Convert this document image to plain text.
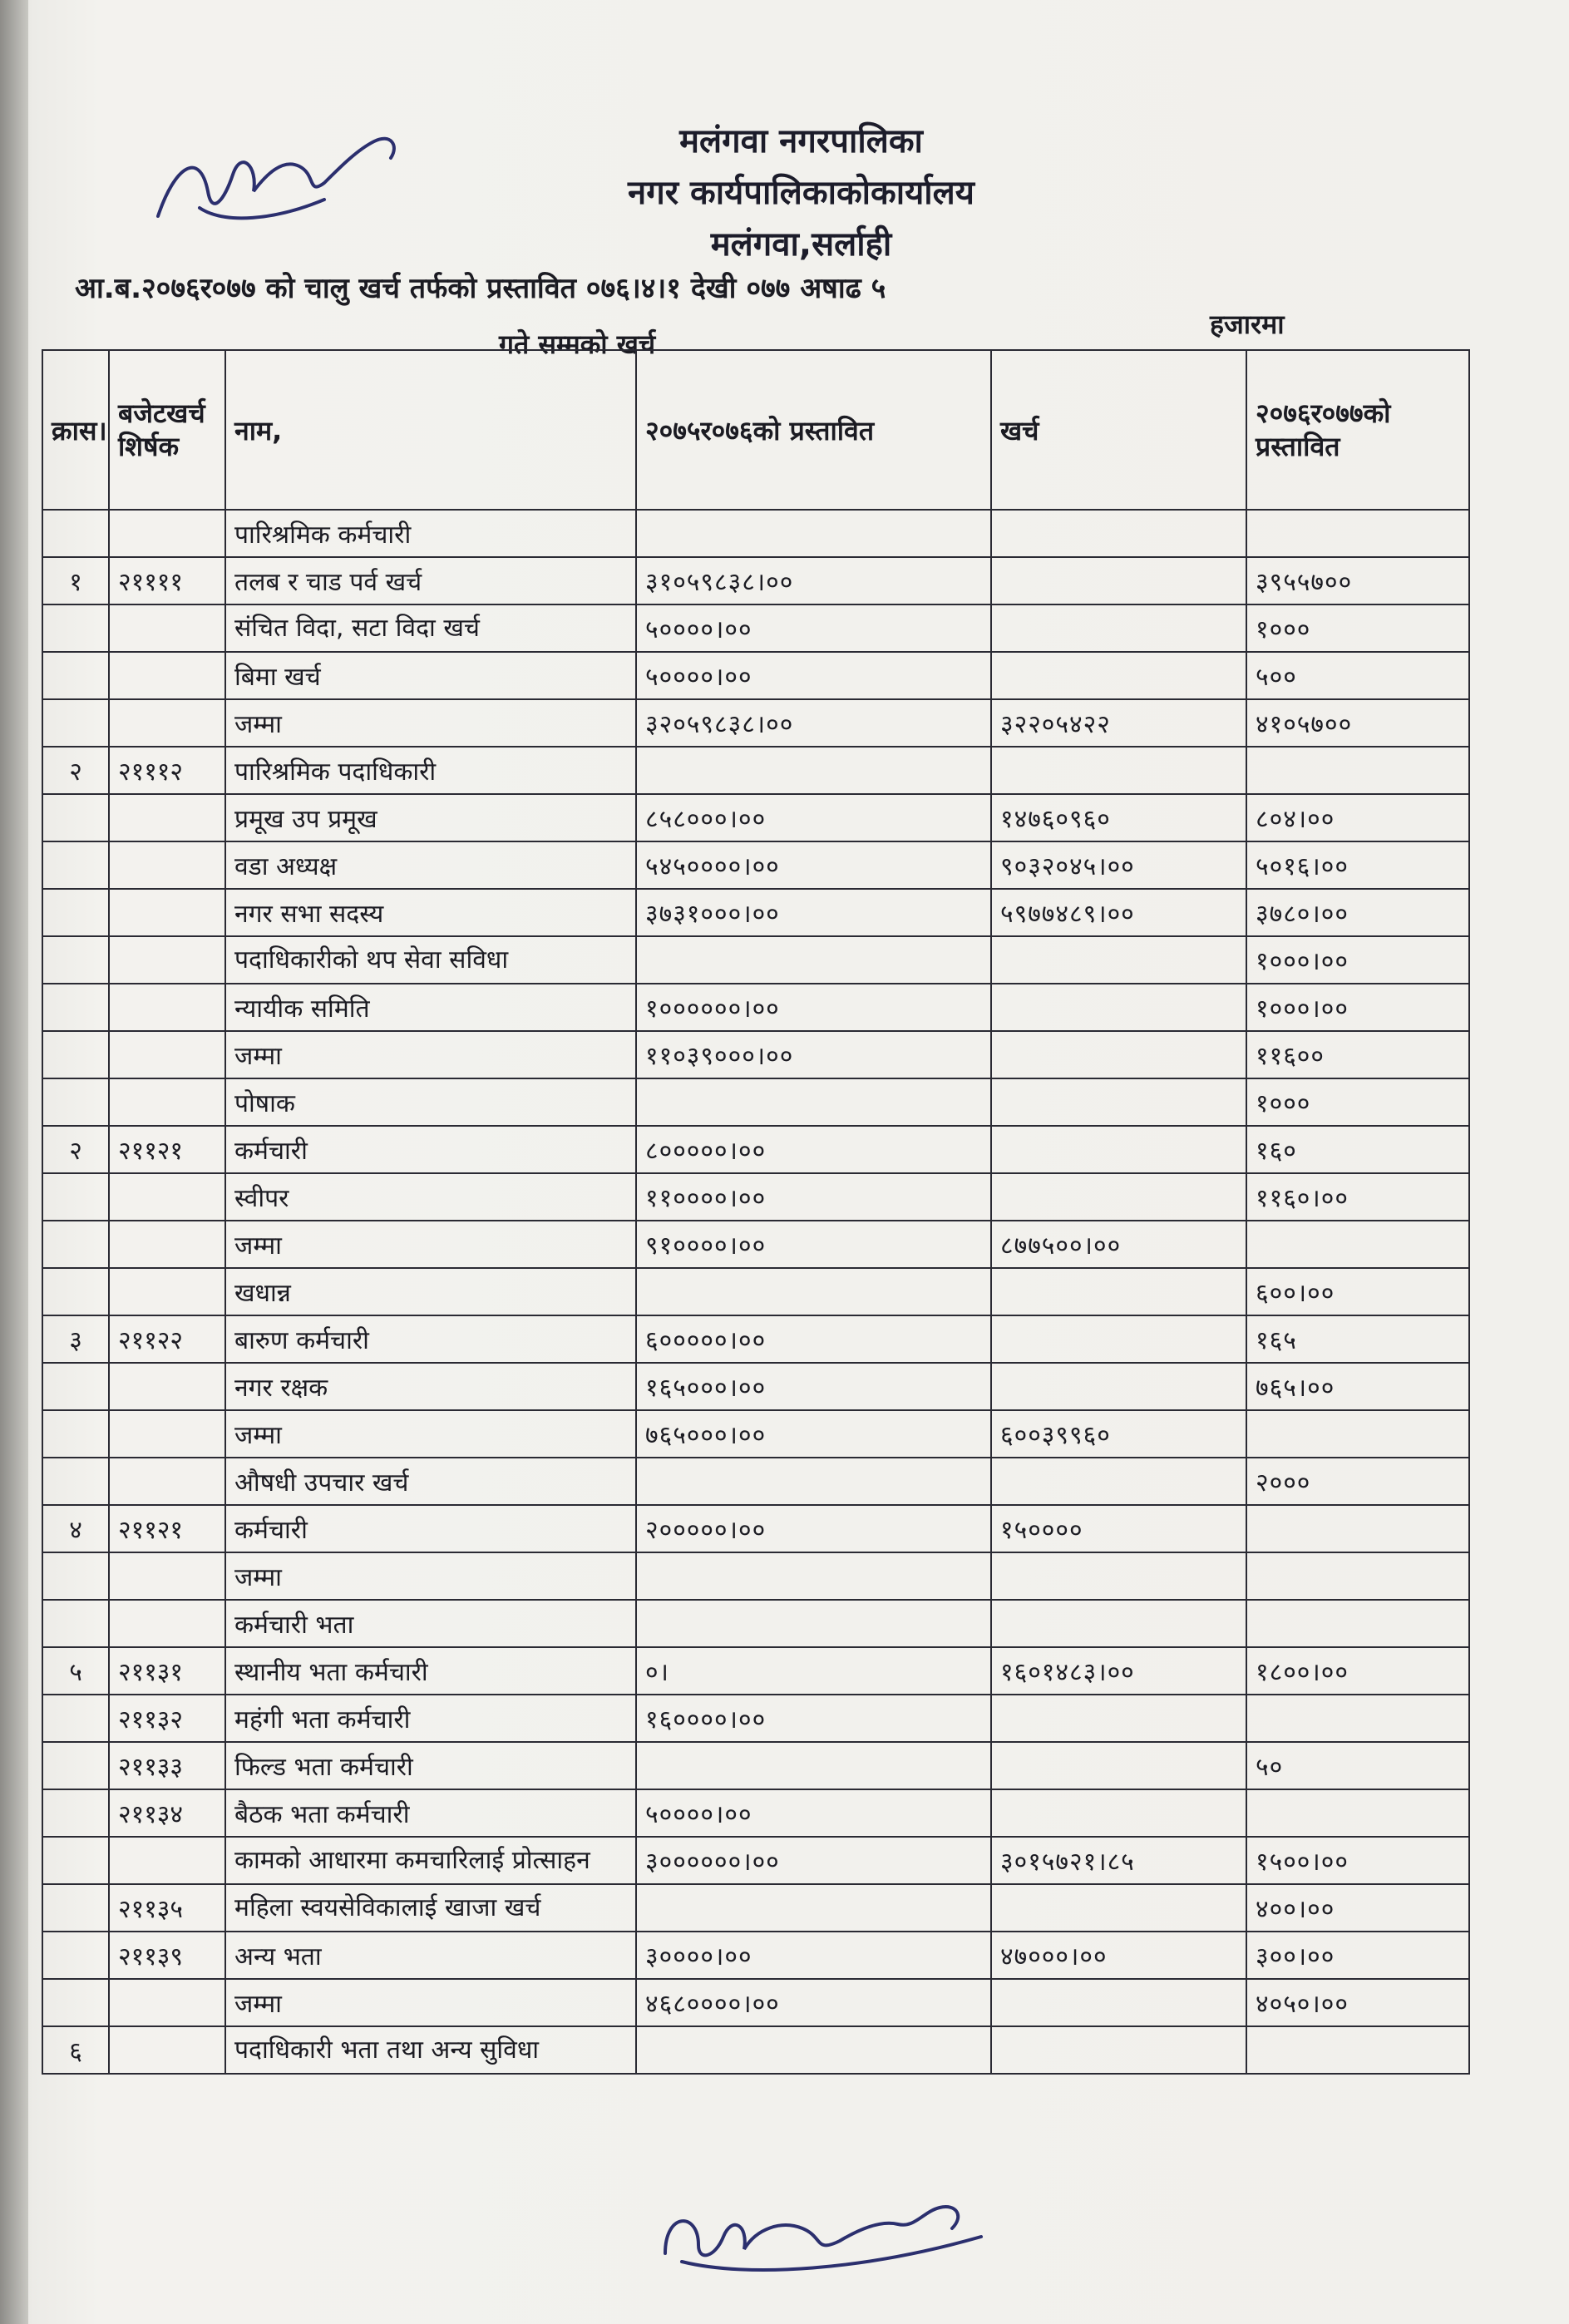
मलंगवा नगरपालिका
नगर कार्यपालिकाकोकार्यालय
मलंगवा,सर्लाही
आ.ब.२०७६र०७७ को चालु खर्च तर्फको प्रस्तावित ०७६।४।१ देखी ०७७ अषाढ ५
गते सम्मको खर्च
हजारमा
क्रास।	बजेटखर्च शिर्षक	नाम,	२०७५र०७६को प्रस्तावित	खर्च	२०७६र०७७को प्रस्तावित
		पारिश्रमिक कर्मचारी			
१	२११११	तलब र चाड पर्व खर्च	३१०५९८३८।००		३९५५७००
		संचित विदा, सटा विदा खर्च	५००००।००		१०००
		बिमा खर्च	५००००।००		५००
		जम्मा	३२०५९८३८।००	३२२०५४२२	४१०५७००
२	२१११२	पारिश्रमिक पदाधिकारी			
		प्रमूख उप प्रमूख	८५८०००।००	१४७६०९६०	८०४।००
		वडा अध्यक्ष	५४५००००।००	९०३२०४५।००	५०१६।००
		नगर सभा सदस्य	३७३१०००।००	५९७७४८९।००	३७८०।००
		पदाधिकारीको थप सेवा सविधा			१०००।००
		न्यायीक समिति	१००००००।००		१०००।००
		जम्मा	११०३९०००।००		११६००
		पोषाक			१०००
२	२११२१	कर्मचारी	८०००००।००		१६०
		स्वीपर	११००००।००		११६०।००
		जम्मा	९१००००।००	८७७५००।००	
		खधान्न			६००।००
३	२११२२	बारुण कर्मचारी	६०००००।००		१६५
		नगर रक्षक	१६५०००।००		७६५।००
		जम्मा	७६५०००।००	६००३९९६०	
		औषधी उपचार खर्च			२०००
४	२११२१	कर्मचारी	२०००००।००	१५००००	
		जम्मा			
		कर्मचारी भता			
५	२११३१	स्थानीय भता कर्मचारी	०।	१६०१४८३।००	१८००।००
	२११३२	महंगी भता कर्मचारी	१६००००।००		
	२११३३	फिल्ड भता कर्मचारी			५०
	२११३४	बैठक भता कर्मचारी	५००००।००		
		कामको आधारमा कमचारिलाई प्रोत्साहन	३००००००।००	३०१५७२१।८५	१५००।००
	२११३५	महिला स्वयसेविकालाई खाजा खर्च			४००।००
	२११३९	अन्य भता	३००००।००	४७०००।००	३००।००
		जम्मा	४६८००००।००		४०५०।००
६		पदाधिकारी भता तथा अन्य सुविधा			
